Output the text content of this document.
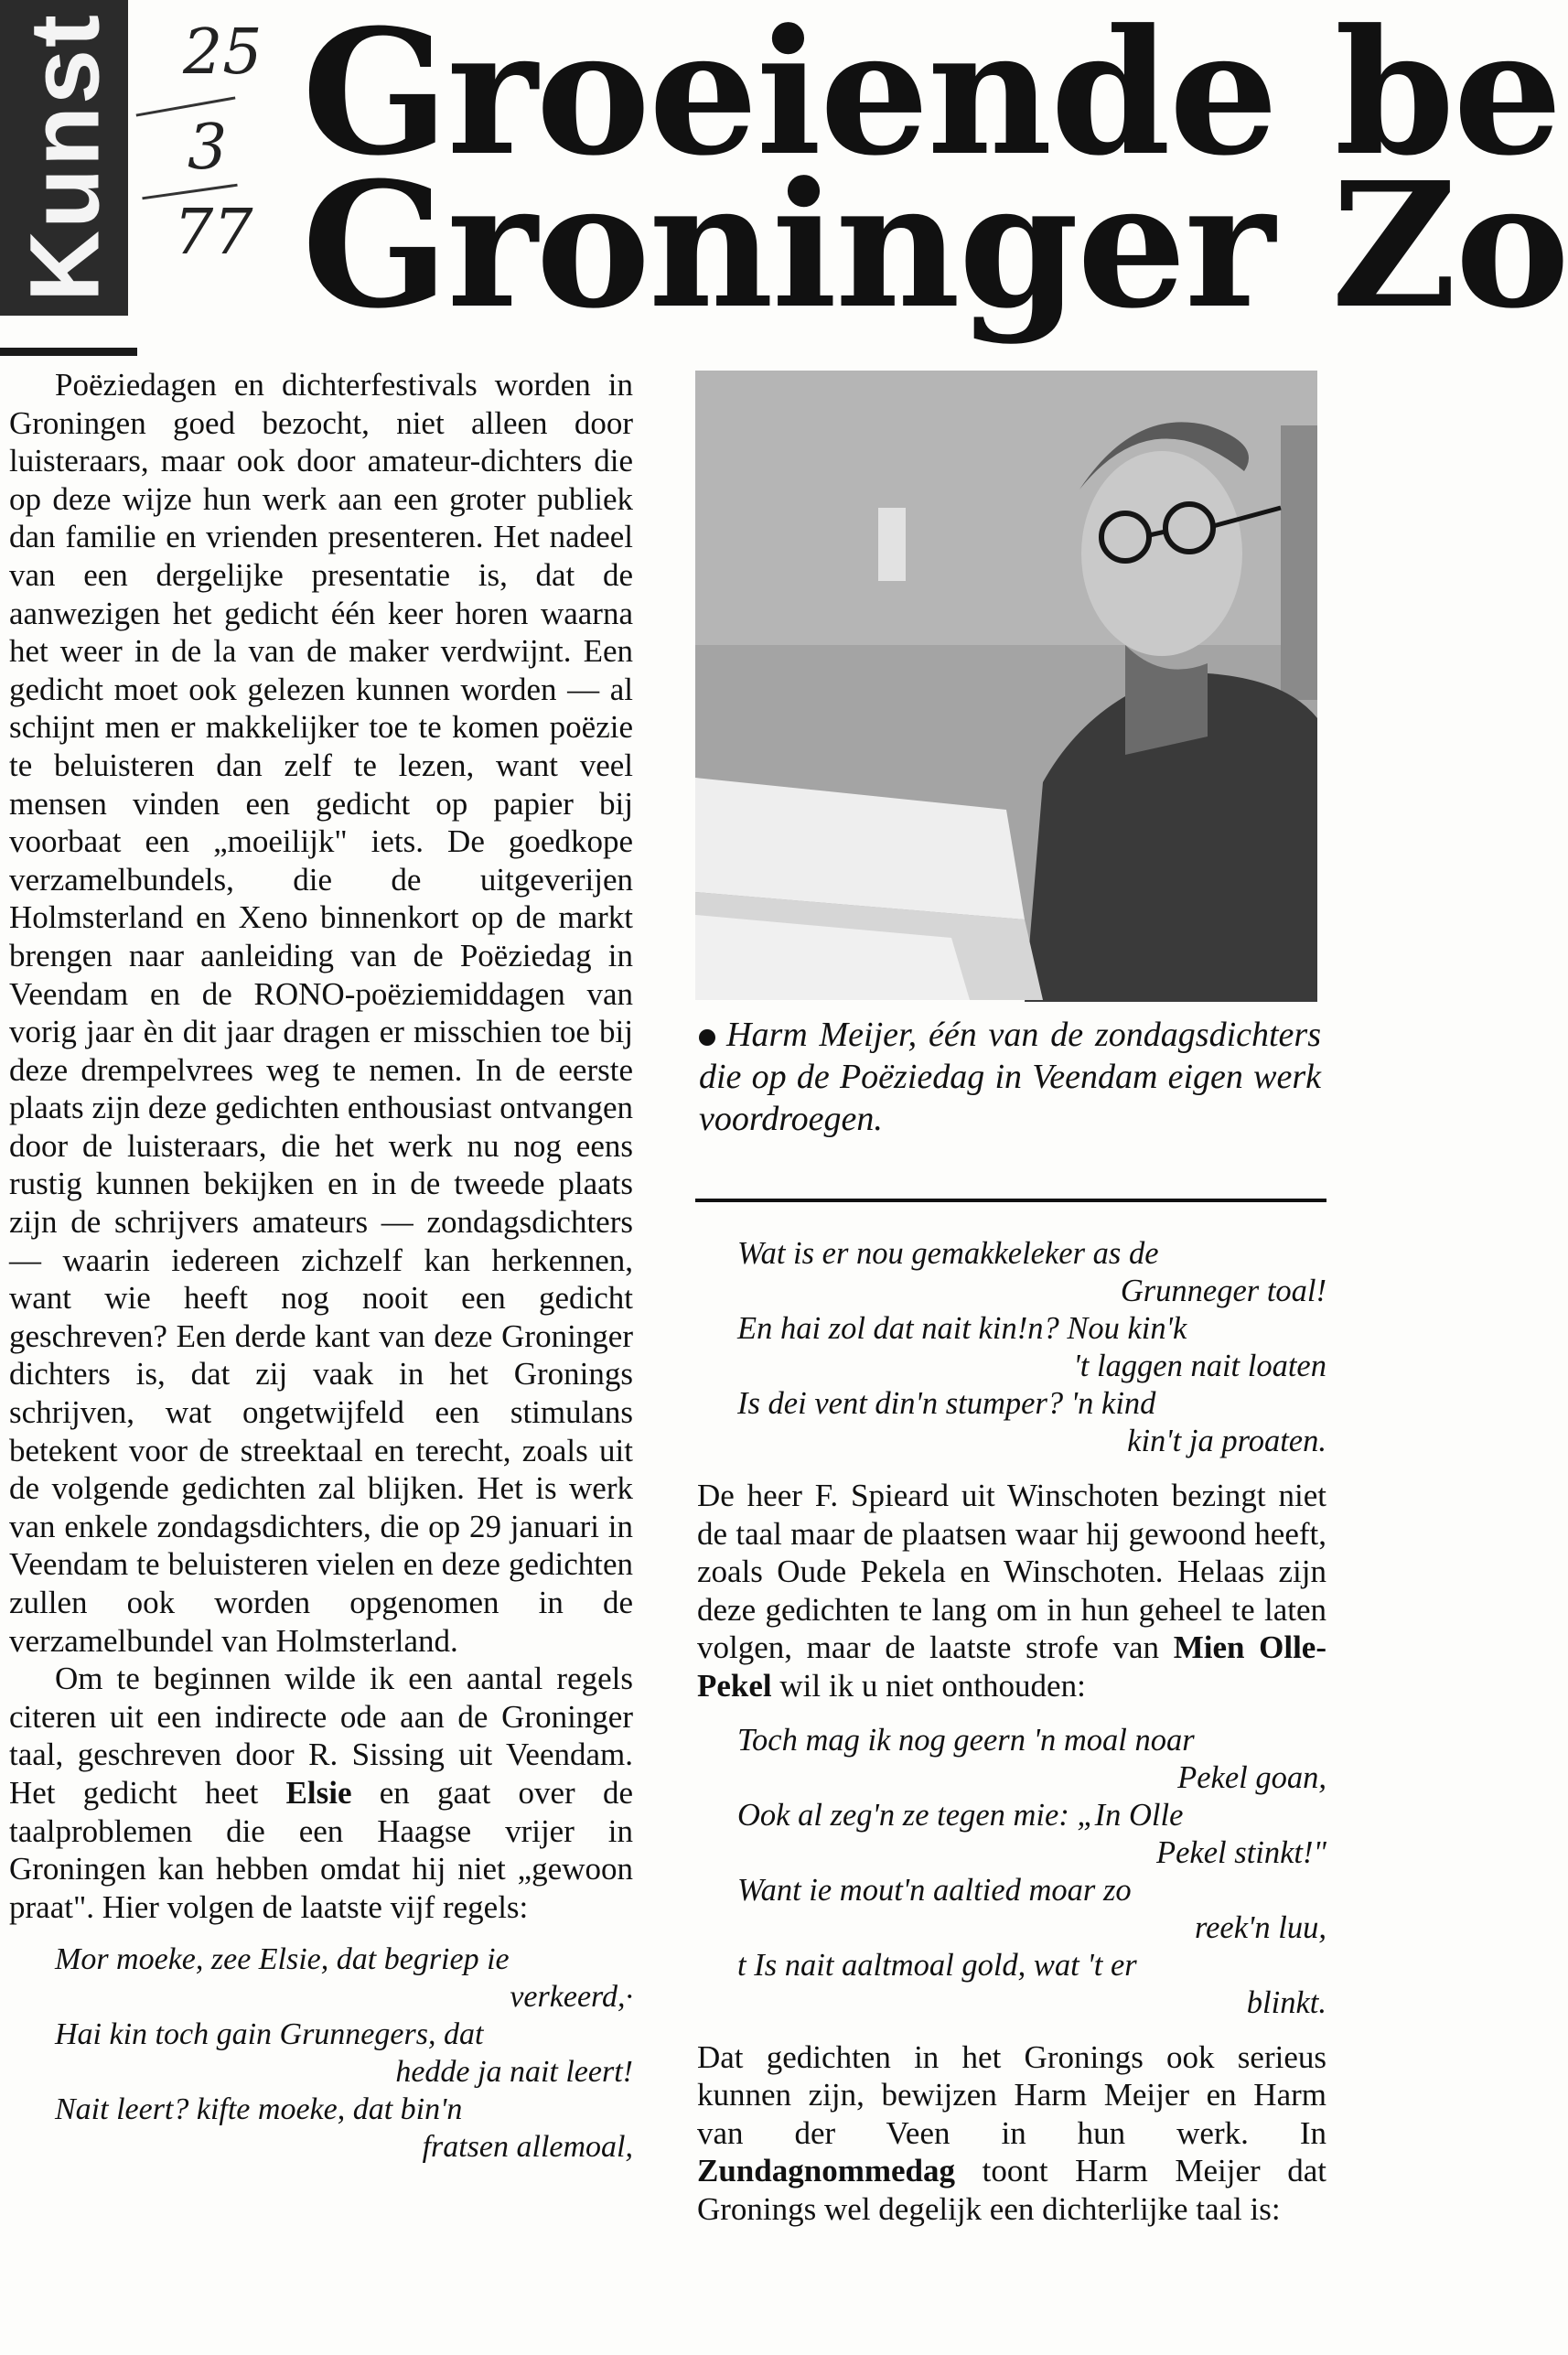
Kunst 25
3
77
Groeiende be
Groninger Zo

Poëziedagen en dichterfestivals worden in Groningen goed bezocht, niet alleen door luisteraars, maar ook door amateur-dichters die op deze wijze hun werk aan een groter publiek dan familie en vrienden presenteren. Het nadeel van een dergelijke presentatie is, dat de aanwezigen het gedicht één keer horen waarna het weer in de la van de maker verdwijnt. Een gedicht moet ook gelezen kunnen worden — al schijnt men er makkelijker toe te komen poëzie te beluisteren dan zelf te lezen, want veel mensen vinden een gedicht op papier bij voorbaat een „moeilijk" iets. De goedkope verzamelbundels, die de uitgeverijen Holmsterland en Xeno binnenkort op de markt brengen naar aanleiding van de Poëziedag in Veendam en de RONO-poëziemiddagen van vorig jaar èn dit jaar dragen er misschien toe bij deze drempelvrees weg te nemen. In de eerste plaats zijn deze gedichten enthousiast ontvangen door de luisteraars, die het werk nu nog eens rustig kunnen bekijken en in de tweede plaats zijn de schrijvers amateurs — zondagsdichters — waarin iedereen zichzelf kan herkennen, want wie heeft nog nooit een gedicht geschreven? Een derde kant van deze Groninger dichters is, dat zij vaak in het Gronings schrijven, wat ongetwijfeld een stimulans betekent voor de streektaal en terecht, zoals uit de volgende gedichten zal blijken. Het is werk van enkele zondagsdichters, die op 29 januari in Veendam te beluisteren vielen en deze gedichten zullen ook worden opgenomen in de verzamelbundel van Holmsterland.

Om te beginnen wilde ik een aantal regels citeren uit een indirecte ode aan de Groninger taal, geschreven door R. Sissing uit Veendam. Het gedicht heet Elsie en gaat over de taalproblemen die een Haagse vrijer in Groningen kan hebben omdat hij niet „gewoon praat". Hier volgen de laatste vijf regels:

Mor moeke, zee Elsie, dat begriep ie
verkeerd,·
Hai kin toch gain Grunnegers, dat
hedde ja nait leert!
Nait leert? kifte moeke, dat bin'n
fratsen allemoal,
Harm Meijer, één van de zondagsdichters die op de Poëziedag in Veendam eigen werk voordroegen.
Wat is er nou gemakkeleker as de
Grunneger toal!
En hai zol dat nait kin!n? Nou kin'k
't laggen nait loaten
Is dei vent din'n stumper? 'n kind
kin't ja proaten.

De heer F. Spieard uit Winschoten bezingt niet de taal maar de plaatsen waar hij gewoond heeft, zoals Oude Pekela en Winschoten. Helaas zijn deze gedichten te lang om in hun geheel te laten volgen, maar de laatste strofe van Mien Olle-Pekel wil ik u niet onthouden:

Toch mag ik nog geern 'n moal noar
Pekel goan,
Ook al zeg'n ze tegen mie: „In Olle
Pekel stinkt!"
Want ie mout'n aaltied moar zo
reek'n luu,
t Is nait aaltmoal gold, wat 't er
blinkt.

Dat gedichten in het Gronings ook serieus kunnen zijn, bewijzen Harm Meijer en Harm van der Veen in hun werk. In Zundagnommedag toont Harm Meijer dat Gronings wel degelijk een dichterlijke taal is:
